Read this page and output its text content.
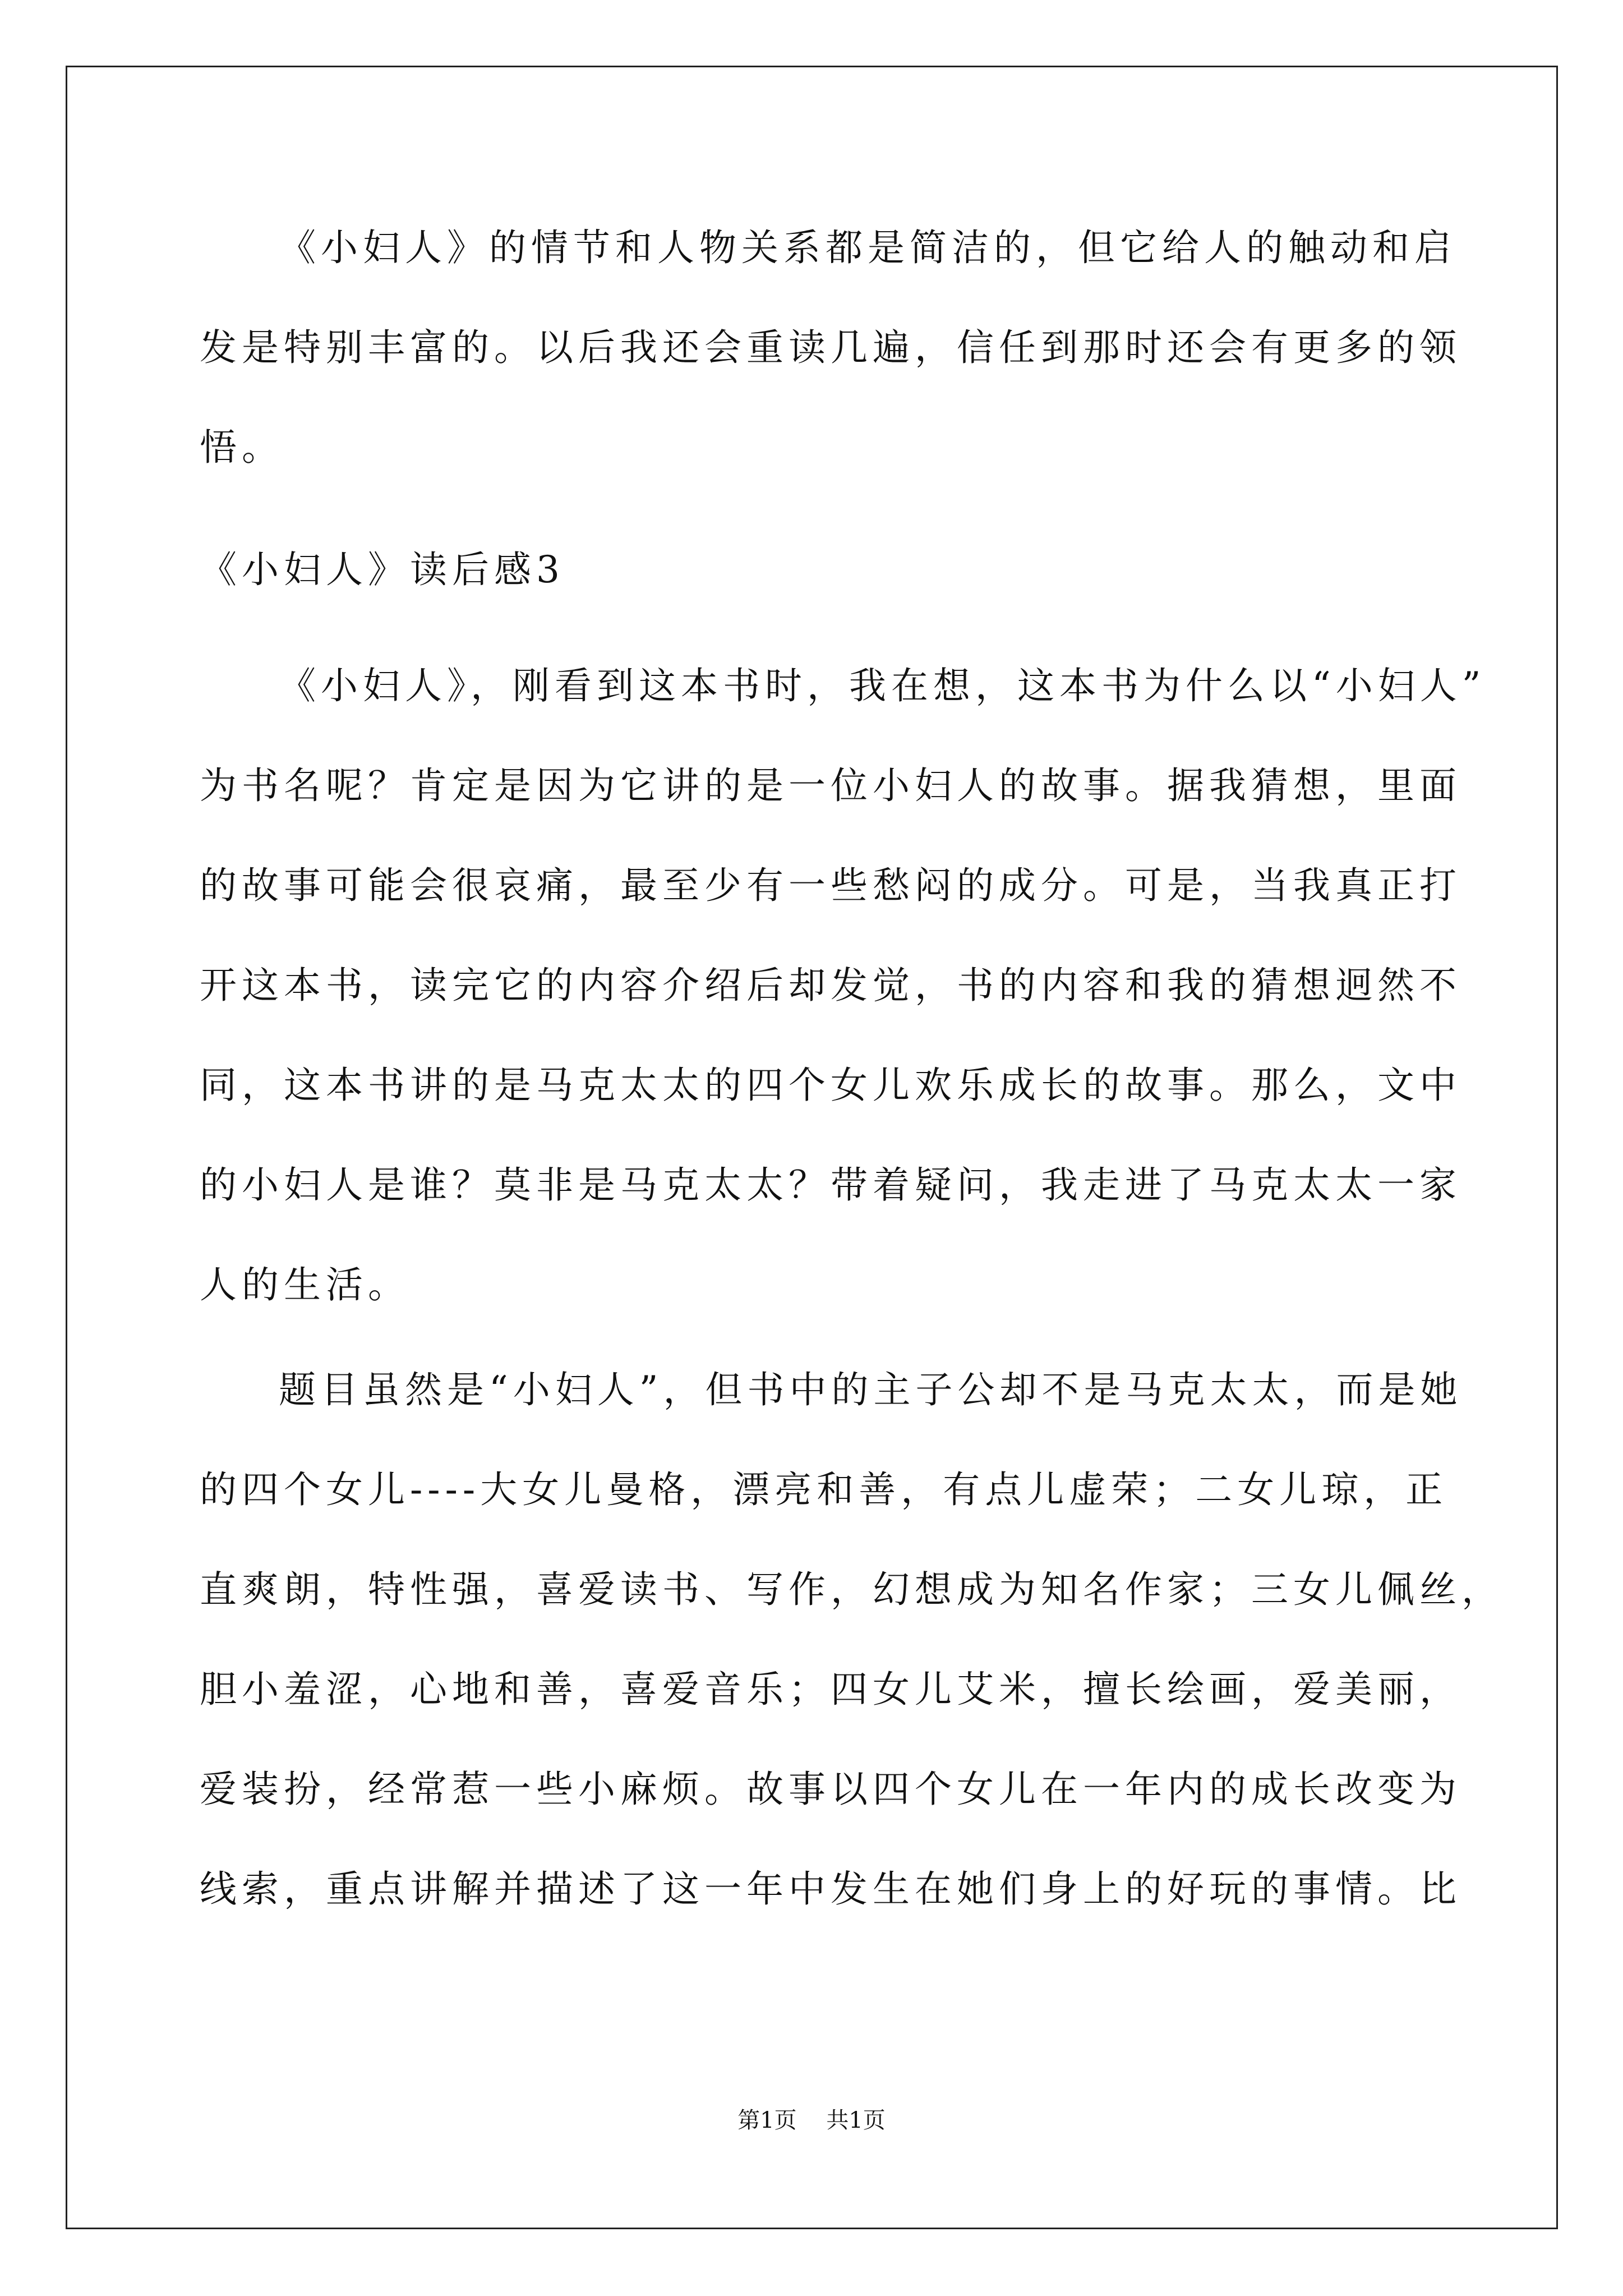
《小妇人》的情节和人物关系都是简洁的，但它给人的触动和启
发是特别丰富的。以后我还会重读几遍，信任到那时还会有更多的领
悟。
《小妇人》读后感3
《小妇人》，刚看到这本书时，我在想，这本书为什么以“小妇人”
为书名呢？肯定是因为它讲的是一位小妇人的故事。据我猜想，里面
的故事可能会很哀痛，最至少有一些愁闷的成分。可是，当我真正打
开这本书，读完它的内容介绍后却发觉，书的内容和我的猜想迥然不
同，这本书讲的是马克太太的四个女儿欢乐成长的故事。那么，文中
的小妇人是谁？莫非是马克太太？带着疑问，我走进了马克太太一家
人的生活。
题目虽然是“小妇人”，但书中的主子公却不是马克太太，而是她
的四个女儿----大女儿曼格，漂亮和善，有点儿虚荣；二女儿琼，正
直爽朗，特性强，喜爱读书、写作，幻想成为知名作家；三女儿佩丝，
胆小羞涩，心地和善，喜爱音乐；四女儿艾米，擅长绘画，爱美丽，
爱装扮，经常惹一些小麻烦。故事以四个女儿在一年内的成长改变为
线索，重点讲解并描述了这一年中发生在她们身上的好玩的事情。比
第1页 共1页
